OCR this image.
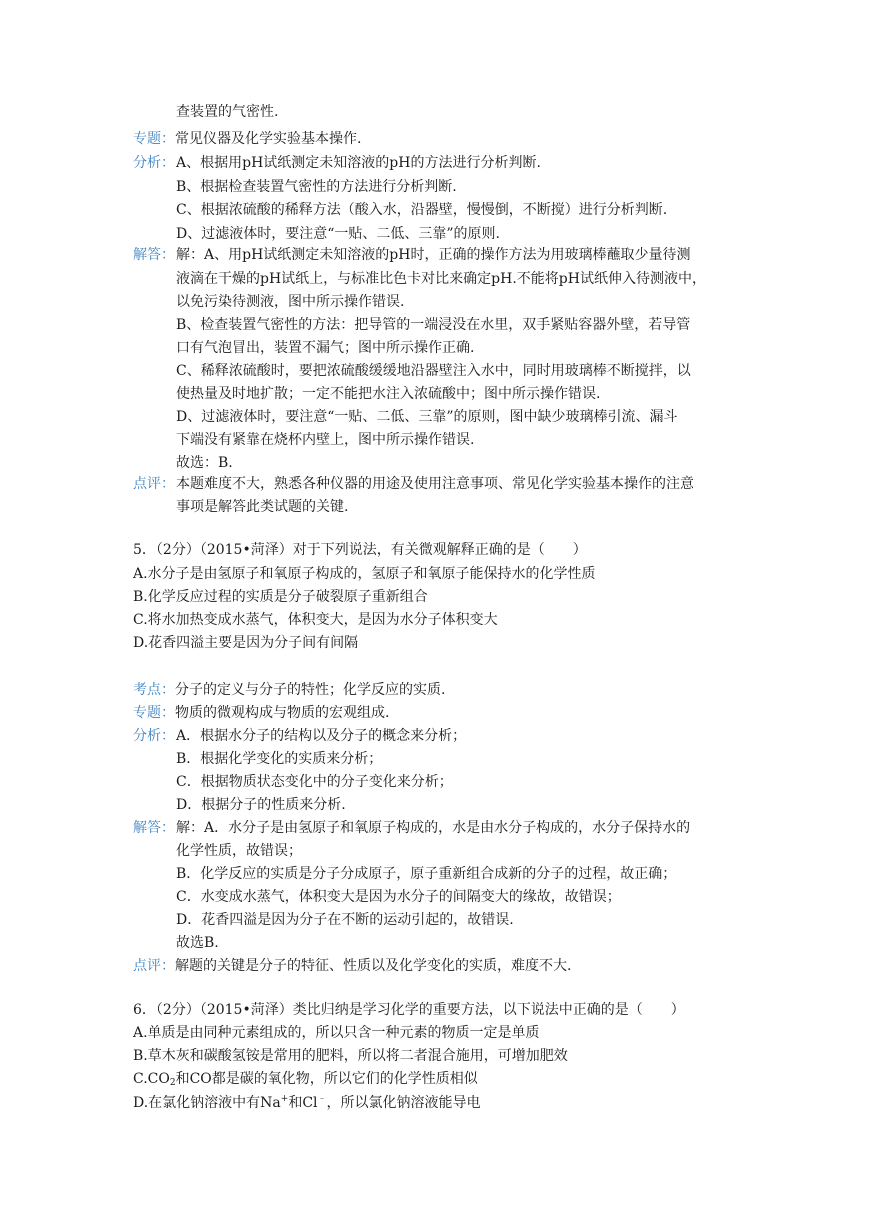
查装置的气密性.
专题：常见仪器及化学实验基本操作.
分析： A、根据用pH试纸测定未知溶液的pH的方法进行分析判断.
B、根据检查装置气密性的方法进行分析判断.
C、根据浓硫酸的稀释方法（酸入水，沿器壁，慢慢倒，不断搅）进行分析判断.
D、过滤液体时，要注意“一贴、二低、三靠”的原则.
解答： 解：A、用pH试纸测定未知溶液的pH时，正确的操作方法为用玻璃棒蘸取少量待测
液滴在干燥的pH试纸上，与标准比色卡对比来确定pH.不能将pH试纸伸入待测液中，
以免污染待测液，图中所示操作错误.
B、检查装置气密性的方法：把导管的一端浸没在水里，双手紧贴容器外壁，若导管
口有气泡冒出，装置不漏气；图中所示操作正确.
C、稀释浓硫酸时，要把浓硫酸缓缓地沿器壁注入水中，同时用玻璃棒不断搅拌，以
使热量及时地扩散；一定不能把水注入浓硫酸中；图中所示操作错误.
D、过滤液体时，要注意“一贴、二低、三靠”的原则，图中缺少玻璃棒引流、漏斗
下端没有紧靠在烧杯内壁上，图中所示操作错误.
故选：B.
点评： 本题难度不大，熟悉各种仪器的用途及使用注意事项、常见化学实验基本操作的注意
事项是解答此类试题的关键.
5．（2分）（2015•菏泽）对于下列说法，有关微观解释正确的是（　　）
A.水分子是由氢原子和氧原子构成的，氢原子和氧原子能保持水的化学性质
B.化学反应过程的实质是分子破裂原子重新组合
C.将水加热变成水蒸气，体积变大，是因为水分子体积变大
D.花香四溢主要是因为分子间有间隔
考点：分子的定义与分子的特性；化学反应的实质.
专题：物质的微观构成与物质的宏观组成.
分析： A．根据水分子的结构以及分子的概念来分析；
B．根据化学变化的实质来分析；
C．根据物质状态变化中的分子变化来分析；
D．根据分子的性质来分析.
解答： 解：A．水分子是由氢原子和氧原子构成的，水是由水分子构成的，水分子保持水的
化学性质，故错误；
B．化学反应的实质是分子分成原子，原子重新组合成新的分子的过程，故正确；
C．水变成水蒸气，体积变大是因为水分子的间隔变大的缘故，故错误；
D．花香四溢是因为分子在不断的运动引起的，故错误.
故选B.
点评：解题的关键是分子的特征、性质以及化学变化的实质，难度不大.
6．（2分）（2015•菏泽）类比归纳是学习化学的重要方法，以下说法中正确的是（　　）
A.单质是由同种元素组成的，所以只含一种元素的物质一定是单质
B.草木灰和碳酸氢铵是常用的肥料，所以将二者混合施用，可增加肥效
$C.CO_2$和CO都是碳的氧化物，所以它们的化学性质相似
D.在氯化钠溶液中有Na+和Cl﹣，所以氯化钠溶液能导电
